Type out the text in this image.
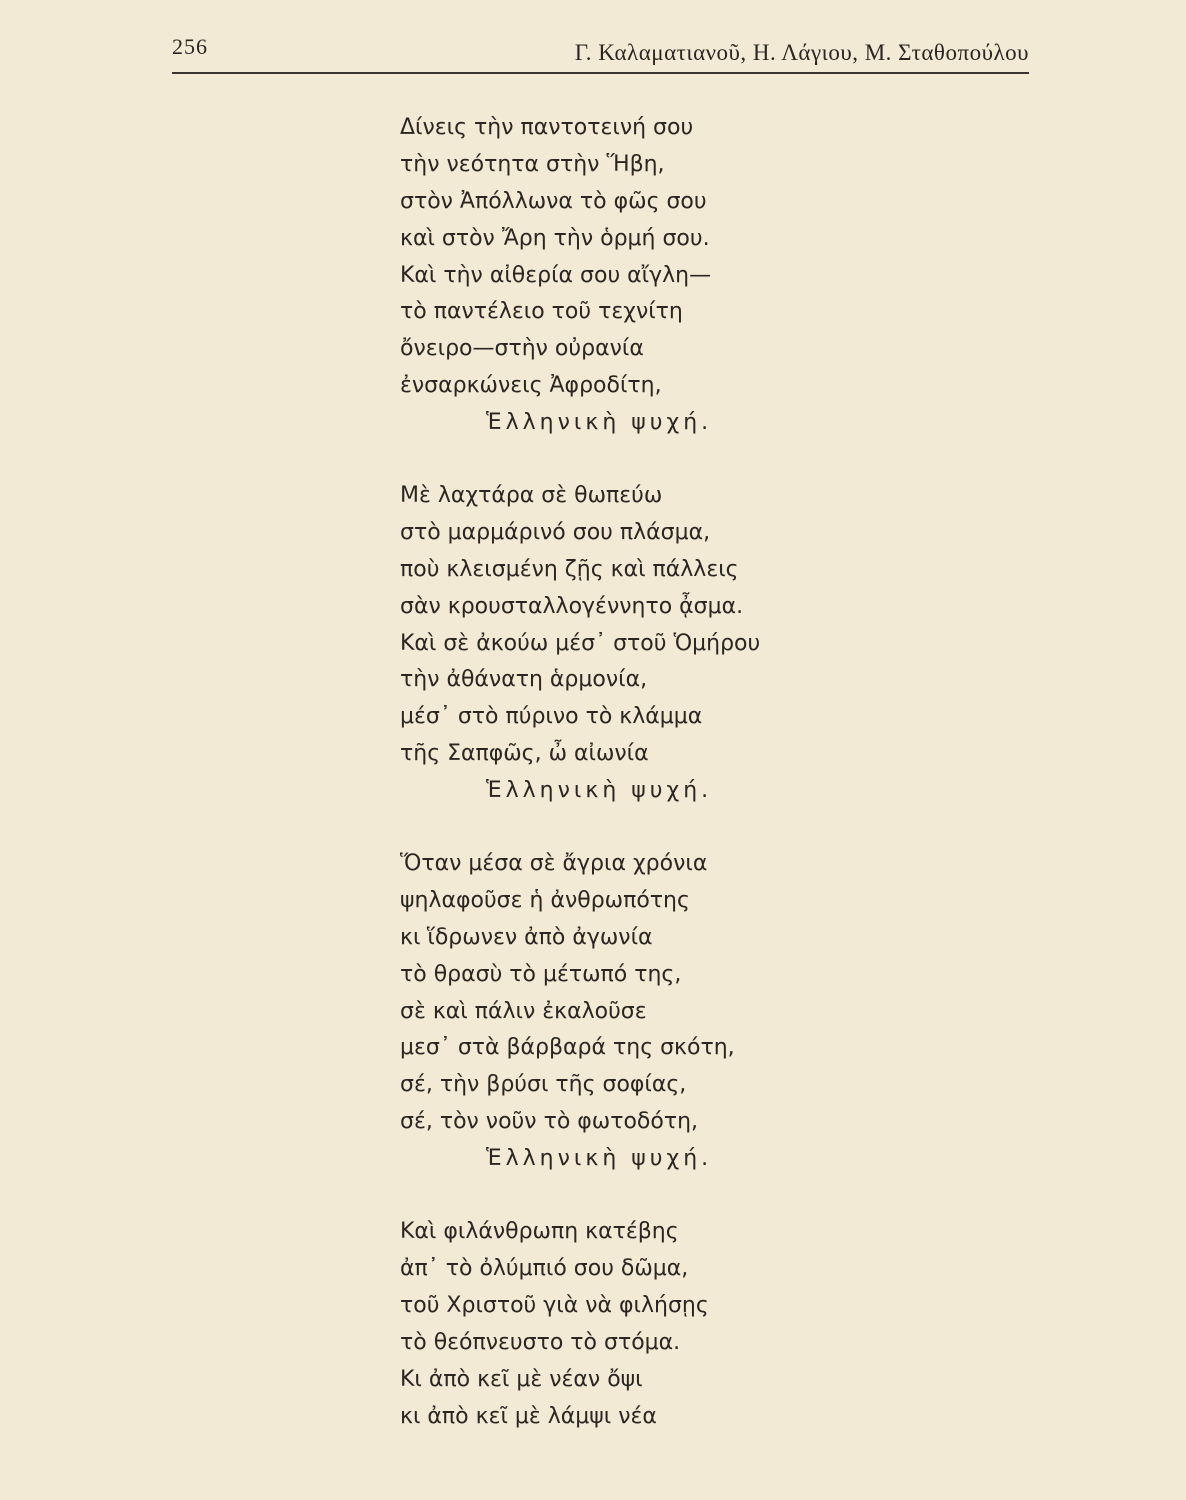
256	Γ. Καλαματιανοῦ, Η. Λάγιου, Μ. Σταθοπούλου
Δίνεις τὴν παντοτεινή σου
τὴν νεότητα στὴν Ἥβη,
στὸν Ἀπόλλωνα τὸ φῶς σου
καὶ στὸν Ἄρη τὴν ὁρμή σου.
Καὶ τὴν αἰθερία σου αἴγλη—
τὸ παντέλειο τοῦ τεχνίτη
ὄνειρο—στὴν οὐρανία
ἐνσαρκώνεις Ἀφροδίτη,
Ἑλληνικὴ ψυχή.
Μὲ λαχτάρα σὲ θωπεύω
στὸ μαρμάρινό σου πλάσμα,
ποὺ κλεισμένη ζῇς καὶ πάλλεις
σὰν κρουσταλλογέννητο ᾆσμα.
Καὶ σὲ ἀκούω μέσ᾽ στοῦ Ὁμήρου
τὴν ἀθάνατη ἁρμονία,
μέσ᾽ στὸ πύρινο τὸ κλάμμα
τῆς Σαπφῶς, ὦ αἰωνία
Ἑλληνικὴ ψυχή.
Ὅταν μέσα σὲ ἄγρια χρόνια
ψηλαφοῦσε ἡ ἀνθρωπότης
κι ἵδρωνεν ἀπὸ ἀγωνία
τὸ θρασὺ τὸ μέτωπό της,
σὲ καὶ πάλιν ἐκαλοῦσε
μεσ᾽ στὰ βάρβαρά της σκότη,
σέ, τὴν βρύσι τῆς σοφίας,
σέ, τὸν νοῦν τὸ φωτοδότη,
Ἑλληνικὴ ψυχή.
Καὶ φιλάνθρωπη κατέβης
ἀπ᾽ τὸ ὀλύμπιό σου δῶμα,
τοῦ Χριστοῦ γιὰ νὰ φιλήσῃς
τὸ θεόπνευστο τὸ στόμα.
Κι ἀπὸ κεῖ μὲ νέαν ὄψι
κι ἀπὸ κεῖ μὲ λάμψι νέα
